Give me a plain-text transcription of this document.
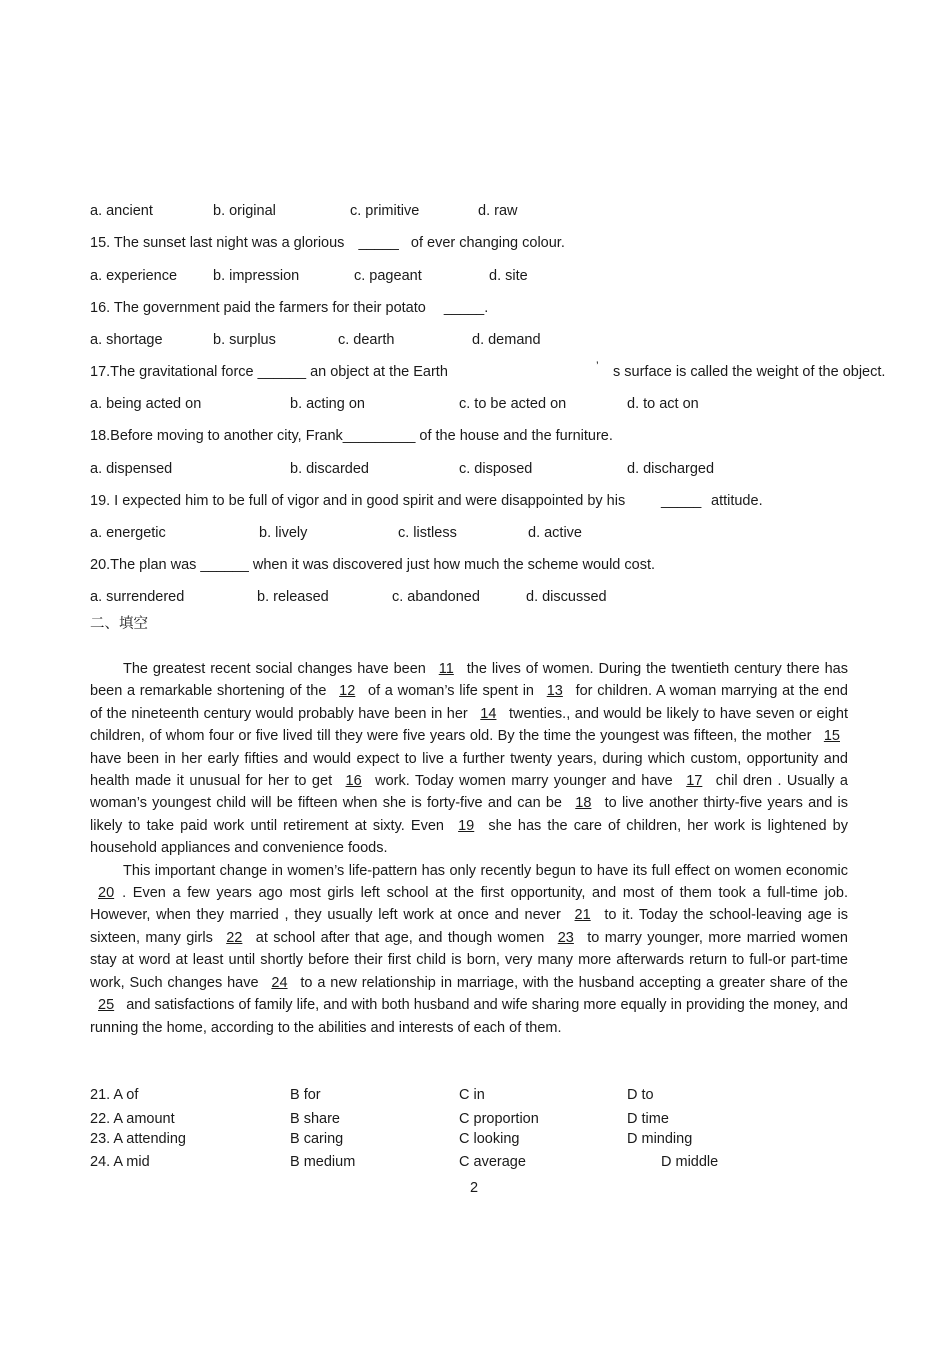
a. ancient	b. original	c. primitive	d. raw
15. The sunset last night was a glorious _____ of ever changing colour.
a. experience b. impression	c. pageant	d. site
16. The government paid the farmers for their potato _____.
a. shortage	b. surplus	c. dearth	d. demand
17.The gravitational force ______ an object at the Earth	’ s surface is called the weight of the object.
a. being acted on	b. acting on	c. to be acted on	d. to act on
18.Before moving to another city, Frank_________ of the house and the furniture.
a. dispensed	b. discarded	c. disposed	d. discharged
19. I expected him to be full of vigor and in good spirit and were disappointed by his _____ attitude.
a. energetic	b. lively	c. listless	d. active
20.The plan was ______ when it was discovered just how much the scheme would cost.
a. surrendered	b. released	c. abandoned	d. discussed
二、填空

The greatest recent social changes have been 11 the lives of women. During the twentieth century there has been a remarkable shortening of the 12 of a woman’s life spent in 13 for children. A woman marrying at the end of the nineteenth century would probably have been in her 14 twenties., and would be likely to have seven or eight children, of whom four or five lived till they were five years old. By the time the youngest was fifteen, the mother 15 have been in her early fifties and would expect to live a further twenty years, during which custom, opportunity and health made it unusual for her to get 16 work. Today women marry younger and have 17 chil dren . Usually a woman’s youngest child will be fifteen when she is forty-five and can be 18 to live another thirty-five years and is likely to take paid work until retirement at sixty. Even 19 she has the care of children, her work is lightened by household appliances and convenience foods.

This important change in women’s life-pattern has only recently begun to have its full effect on women economic 20 . Even a few years ago most girls left school at the first opportunity, and most of them took a full-time job. However, when they married , they usually left work at once and never 21 to it. Today the school-leaving age is sixteen, many girls 22 at school after that age, and though women 23 to marry younger, more married women stay at word at least until shortly before their first child is born, very many more afterwards return to full-or part-time work, Such changes have 24 to a new relationship in marriage, with the husband accepting a greater share of the 25 and satisfactions of family life, and with both husband and wife sharing more equally in providing the money, and running the home, according to the abilities and interests of each of them.

21. A of	B for	C in	D to
22. A amount	B share	C proportion	D time
23. A attending	B caring	C looking	D minding
24. A mid	B medium	C average	D middle
2
